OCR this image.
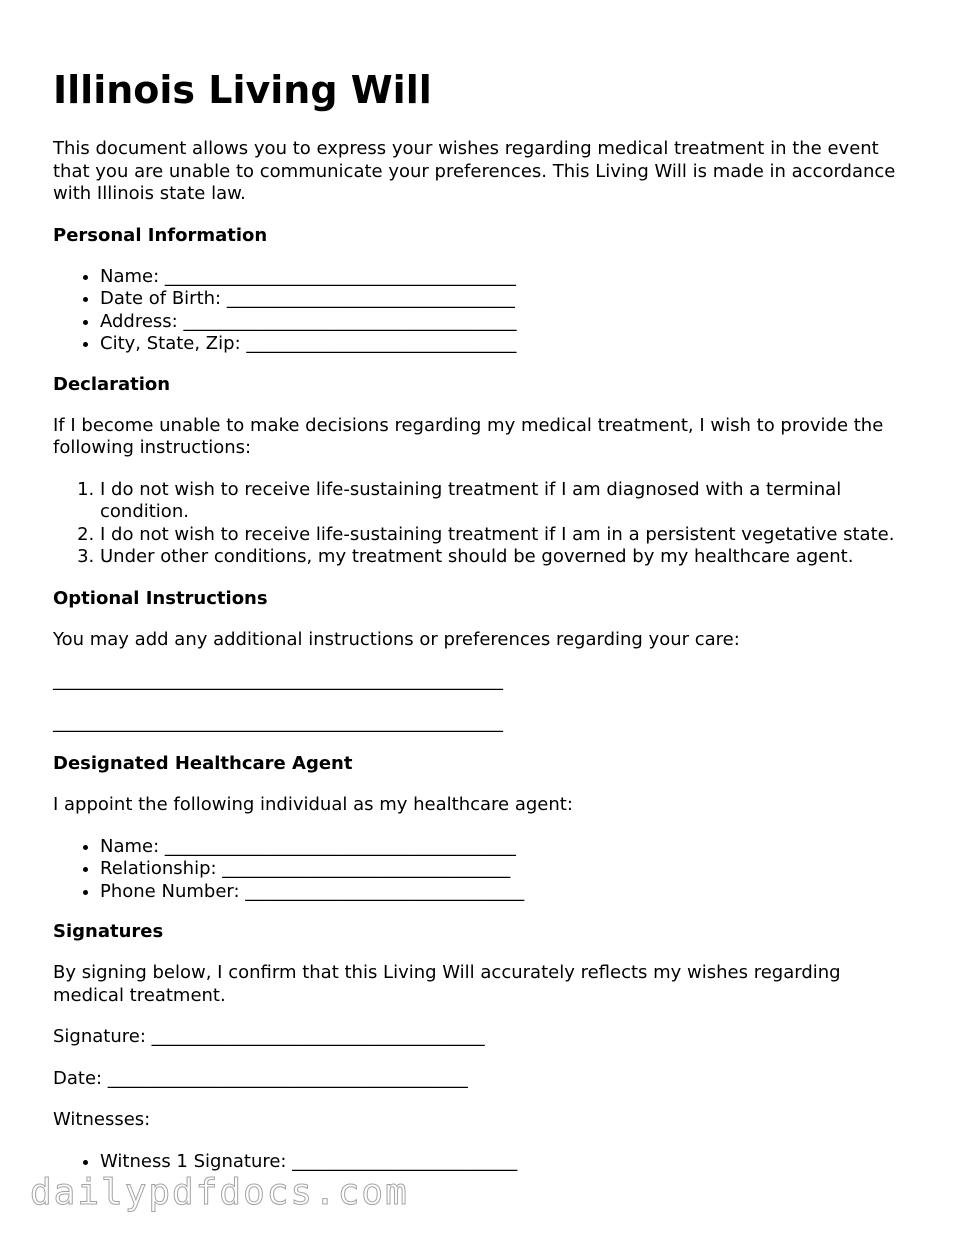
Illinois Living Will

This document allows you to express your wishes regarding medical treatment in the event that you are unable to communicate your preferences. This Living Will is made in accordance with Illinois state law.

Personal Information
• Name: _______________________________________
• Date of Birth: ________________________________
• Address: _____________________________________
• City, State, Zip: ______________________________
Declaration

If I become unable to make decisions regarding my medical treatment, I wish to provide the following instructions:

1. I do not wish to receive life-sustaining treatment if I am diagnosed with a terminal condition.
2. I do not wish to receive life-sustaining treatment if I am in a persistent vegetative state.
3. Under other conditions, my treatment should be governed by my healthcare agent.
Optional Instructions

You may add any additional instructions or preferences regarding your care:

__________________________________________________
__________________________________________________
Designated Healthcare Agent

I appoint the following individual as my healthcare agent:

• Name: _______________________________________
• Relationship: ________________________________
• Phone Number: _______________________________
Signatures

By signing below, I confirm that this Living Will accurately reflects my wishes regarding medical treatment.

Signature: _____________________________________

Date: ________________________________________

Witnesses:

• Witness 1 Signature: _________________________
dailypdfdocs.com
